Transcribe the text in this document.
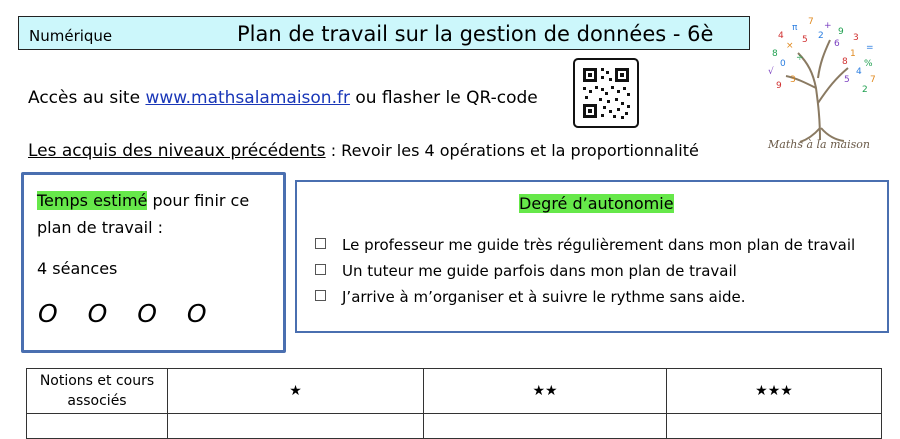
Numérique	Plan de travail sur la gestion de données - 6è	4
π
7 +
9
3
=
8
×
5 2
6
1
%
√
0
÷	8
4
7
9
3	5
2
Maths à la maison
Accès au site www.mathsalamaison.fr ou flasher le QR-code
Les acquis des niveaux précédents : Revoir les 4 opérations et la proportionnalité
Temps estimé pour finir ce plan de travail :
4 séances
O O O O
Degré d’autonomie
Le professeur me guide très régulièrement dans mon plan de travail
Un tuteur me guide parfois dans mon plan de travail
J’arrive à m’organiser et à suivre le rythme sans aide.
Notions et cours associés	★	★★	★★★
